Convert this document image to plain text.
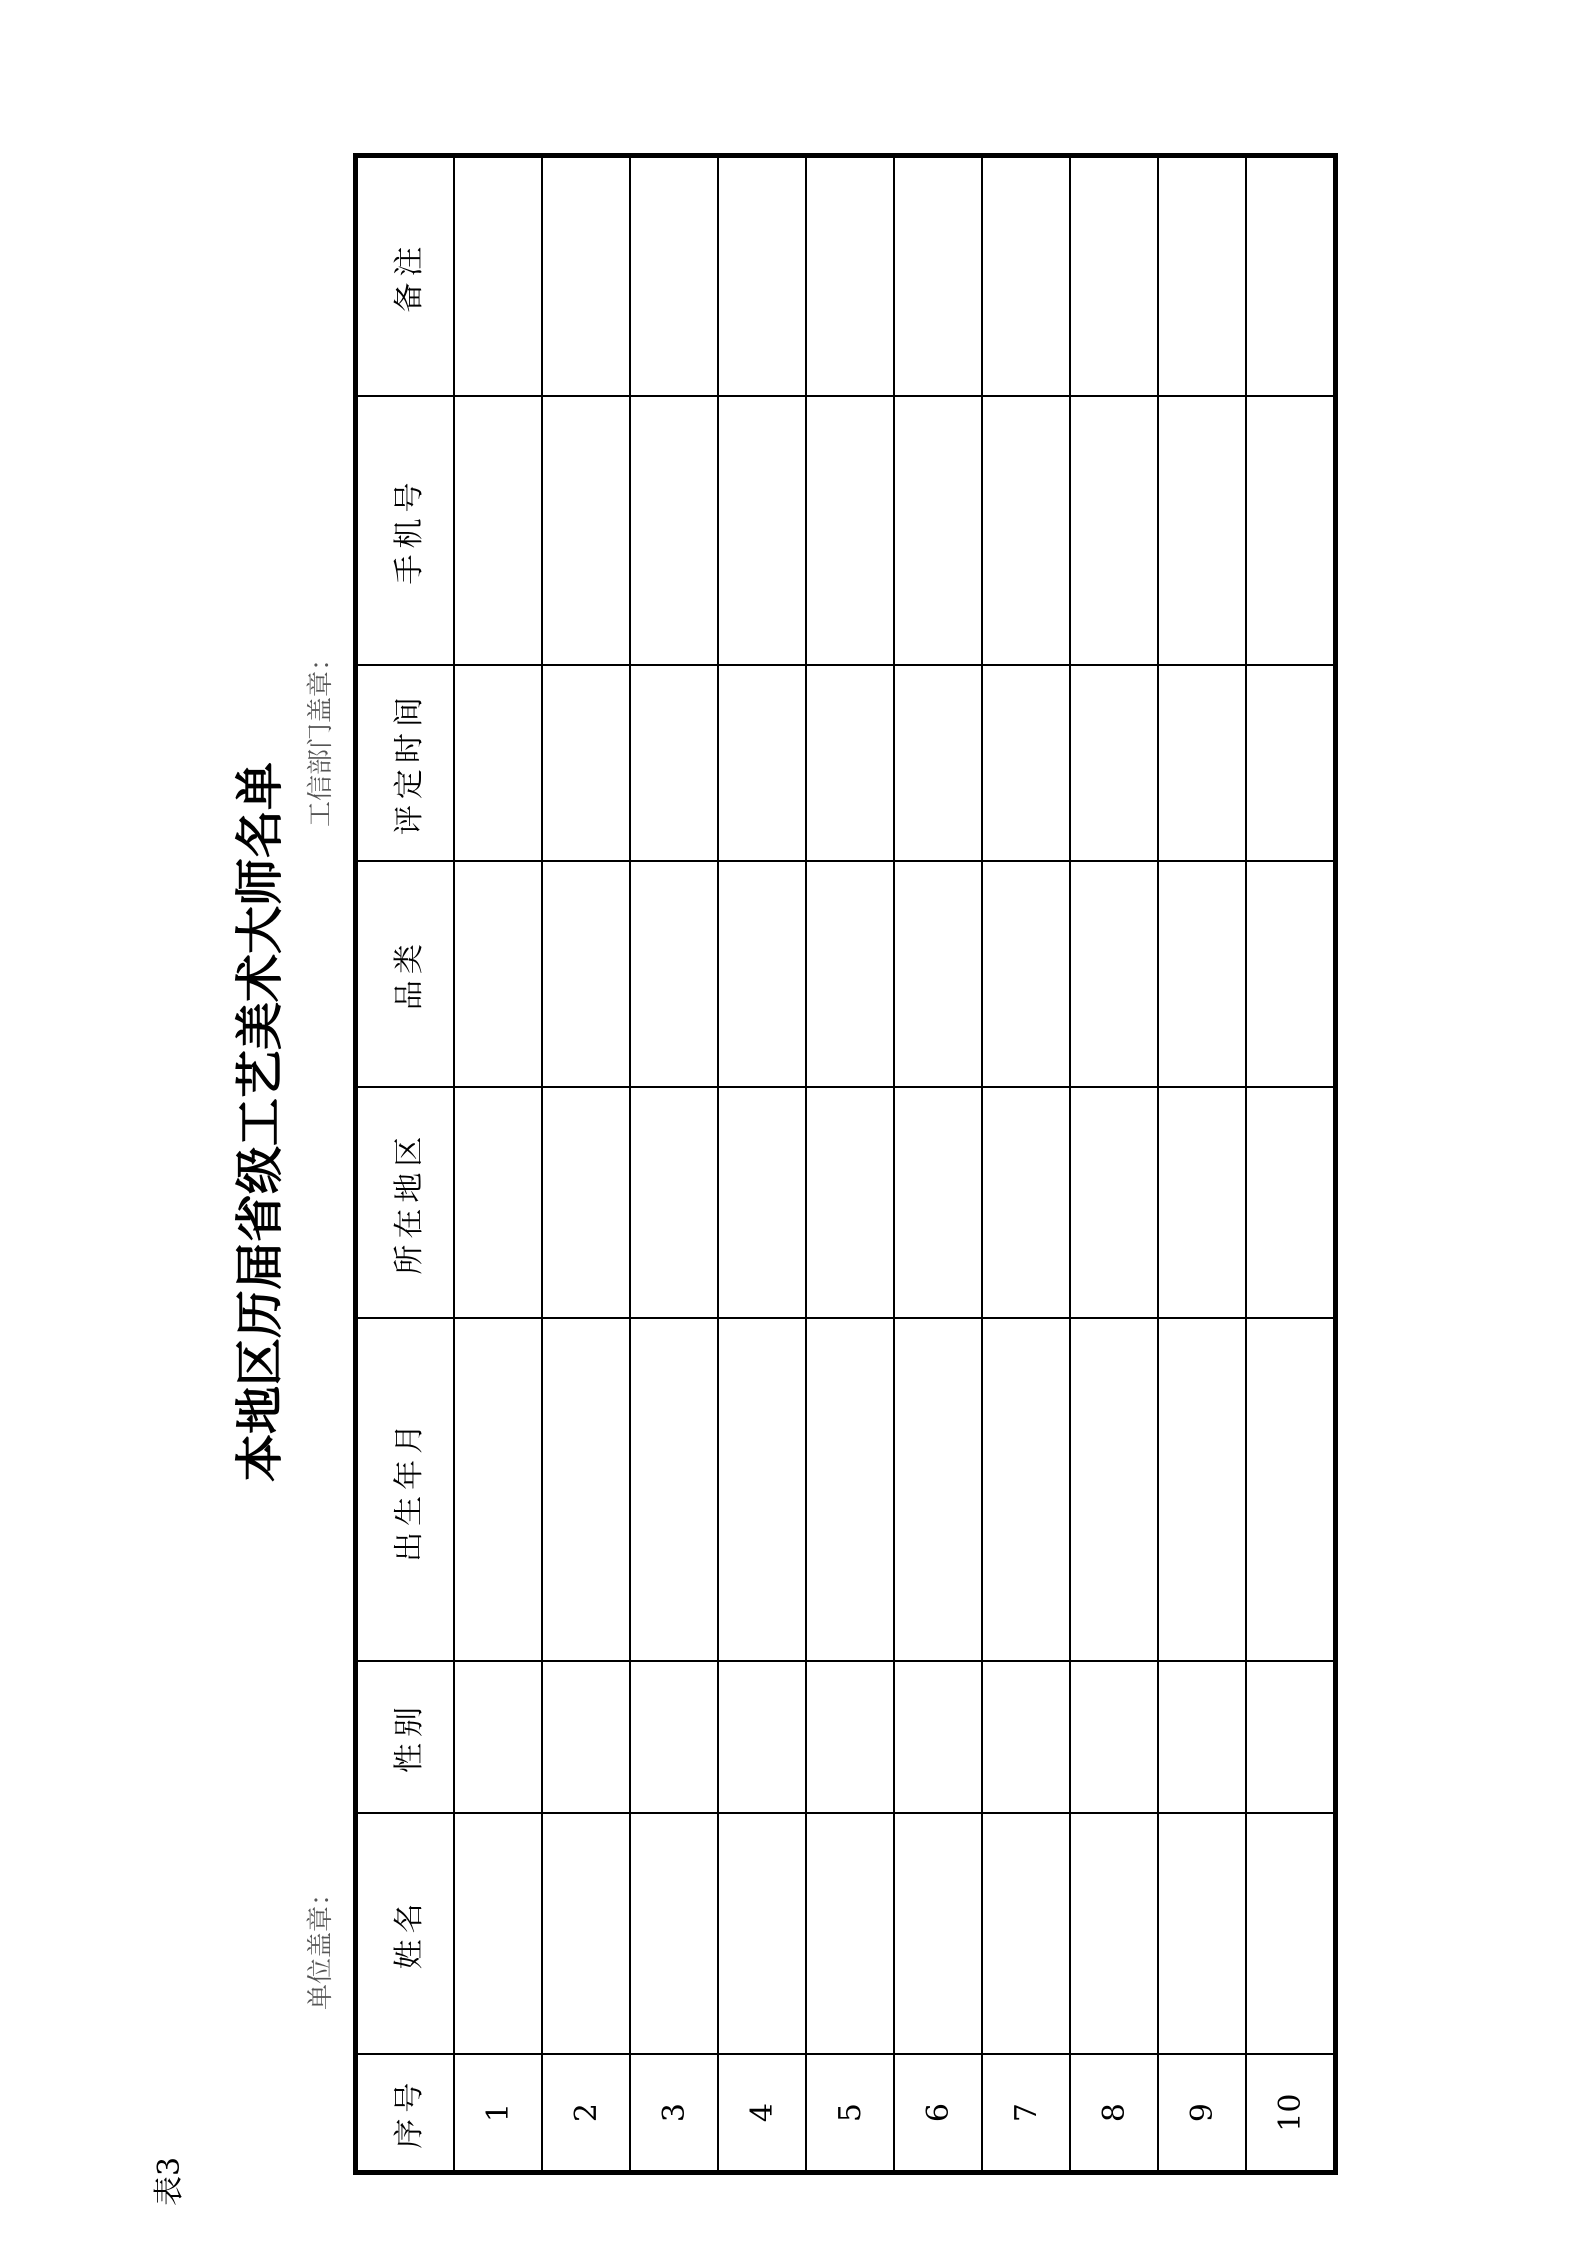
表3
本地区历届省级工艺美术大师名单
单位盖章：
工信部门盖章：
序号	姓名	性别	出生年月	所在地区	品类	评定时间	手机号	备注
1								
2								
3								
4								
5								
6								
7								
8								
9								
10								
